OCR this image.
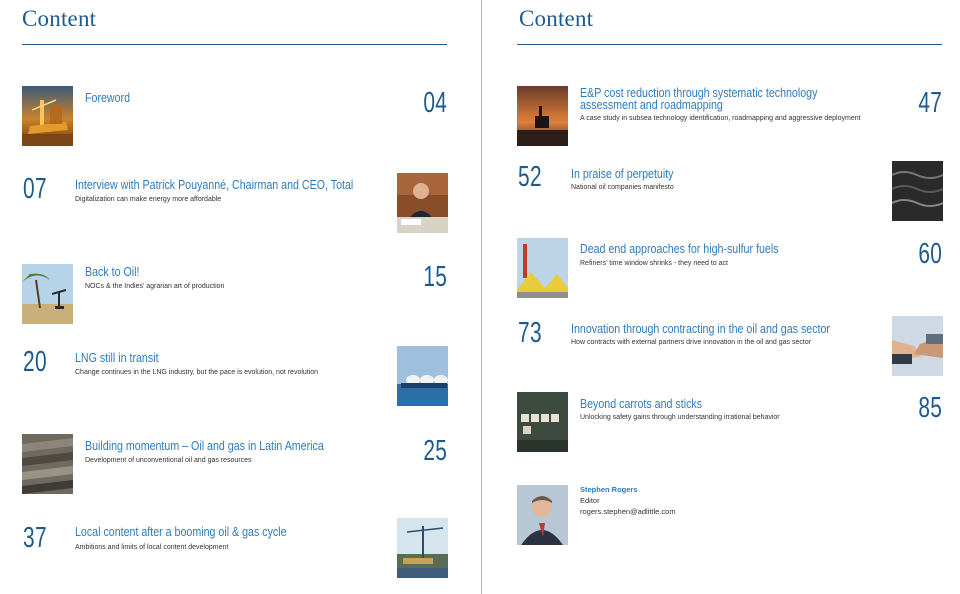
Content
Foreword	04
07 Interview with Patrick Pouyanné, Chairman and CEO, Total
Digitalization can make energy more affordable
Back to Oil!
NOCs & the Indies’ agrarian art of production	15
20 LNG still in transit
Change continues in the LNG industry, but the pace is evolution, not revolution
Building momentum – Oil and gas in Latin America
Development of unconventional oil and gas resources	25
37 Local content after a booming oil & gas cycle
Ambitions and limits of local content development
Content
E&P cost reduction through systematic technology assessment and roadmapping
A case study in subsea technology identification, roadmapping and aggressive deployment 47
52 In praise of perpetuity
National oil companies manifesto
Dead end approaches for high-sulfur fuels
Refiners’ time window shrinks - they need to act	60
73 Innovation through contracting in the oil and gas sector
How contracts with external partners drive innovation in the oil and gas sector
Beyond carrots and sticks
Unlocking safety gains through understanding irrational behavior	85
Stephen Rogers
Editor
rogers.stephen@adlittle.com
